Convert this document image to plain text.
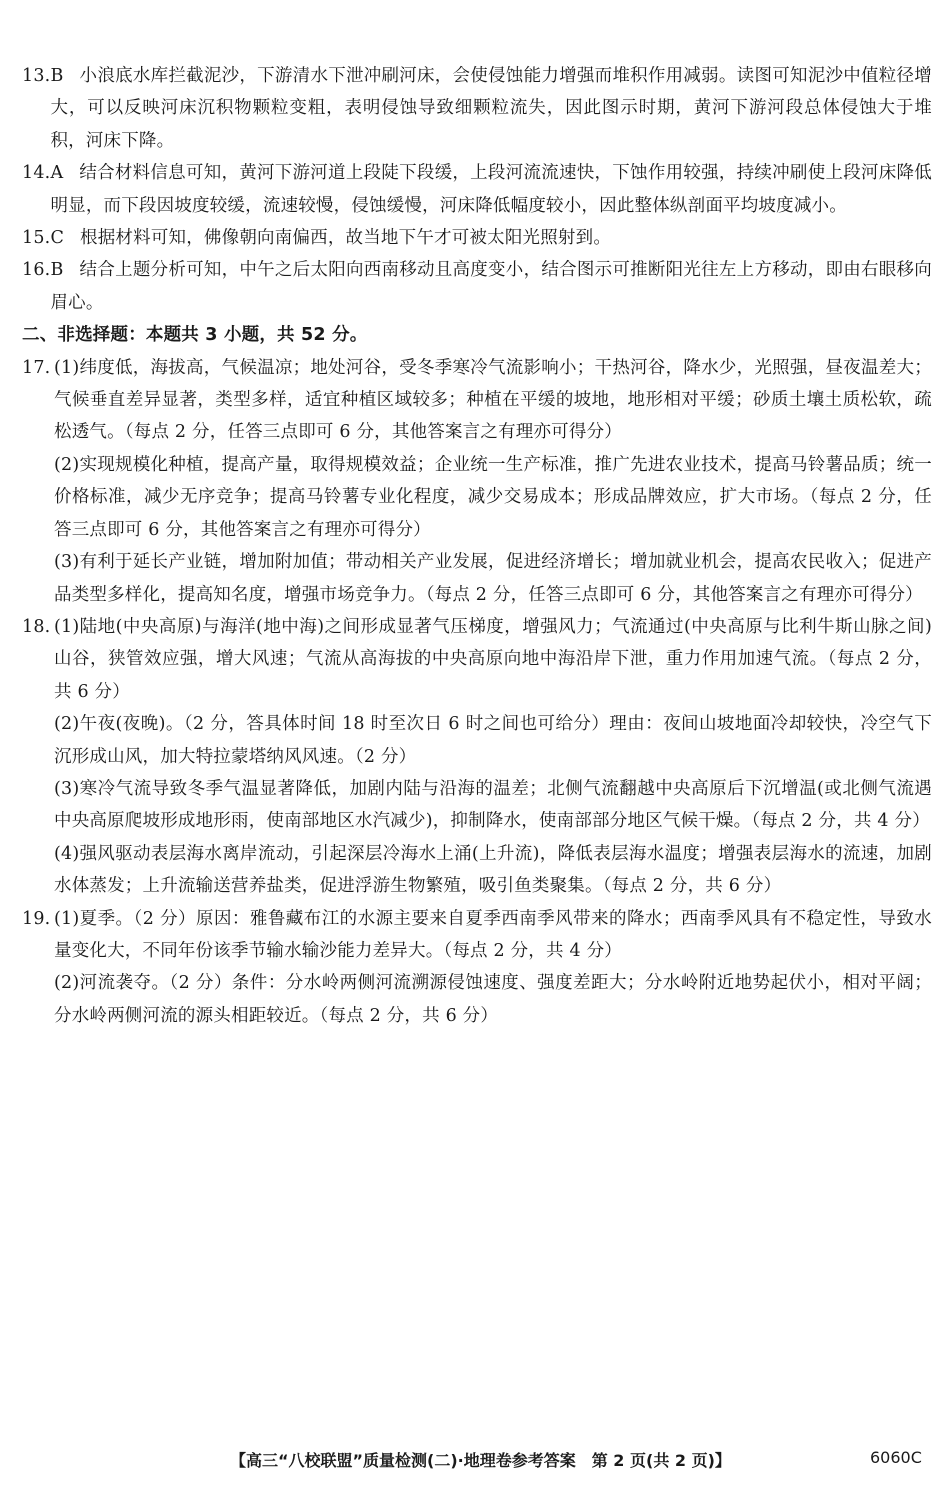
13. B 小浪底水库拦截泥沙，下游清水下泄冲刷河床，会使侵蚀能力增强而堆积作用减弱。读图可知泥沙中值粒径增大，可以反映河床沉积物颗粒变粗，表明侵蚀导致细颗粒流失，因此图示时期，黄河下游河段总体侵蚀大于堆积，河床下降。
14. A 结合材料信息可知，黄河下游河道上段陡下段缓，上段河流流速快，下蚀作用较强，持续冲刷使上段河床降低明显，而下段因坡度较缓，流速较慢，侵蚀缓慢，河床降低幅度较小，因此整体纵剖面平均坡度减小。
15. C 根据材料可知，佛像朝向南偏西，故当地下午才可被太阳光照射到。
16. B 结合上题分析可知，中午之后太阳向西南移动且高度变小，结合图示可推断阳光往左上方移动，即由右眼移向眉心。

二、非选择题：本题共 3 小题，共 52 分。

17. (1)纬度低，海拔高，气候温凉；地处河谷，受冬季寒冷气流影响小；干热河谷，降水少，光照强，昼夜温差大；气候垂直差异显著，类型多样，适宜种植区域较多；种植在平缓的坡地，地形相对平缓；砂质土壤土质松软，疏松透气。（每点 2 分，任答三点即可 6 分，其他答案言之有理亦可得分）

(2)实现规模化种植，提高产量，取得规模效益；企业统一生产标准，推广先进农业技术，提高马铃薯品质；统一价格标准，减少无序竞争；提高马铃薯专业化程度，减少交易成本；形成品牌效应，扩大市场。（每点 2 分，任答三点即可 6 分，其他答案言之有理亦可得分）

(3)有利于延长产业链，增加附加值；带动相关产业发展，促进经济增长；增加就业机会，提高农民收入；促进产品类型多样化，提高知名度，增强市场竞争力。（每点 2 分，任答三点即可 6 分，其他答案言之有理亦可得分）

18. (1)陆地(中央高原)与海洋(地中海)之间形成显著气压梯度，增强风力；气流通过(中央高原与比利牛斯山脉之间)山谷，狭管效应强，增大风速；气流从高海拔的中央高原向地中海沿岸下泄，重力作用加速气流。（每点 2 分，共 6 分）

(2)午夜(夜晚)。（2 分，答具体时间 18 时至次日 6 时之间也可给分）理由：夜间山坡地面冷却较快，冷空气下沉形成山风，加大特拉蒙塔纳风风速。（2 分）

(3)寒冷气流导致冬季气温显著降低，加剧内陆与沿海的温差；北侧气流翻越中央高原后下沉增温(或北侧气流遇中央高原爬坡形成地形雨，使南部地区水汽减少)，抑制降水，使南部部分地区气候干燥。（每点 2 分，共 4 分）

(4)强风驱动表层海水离岸流动，引起深层冷海水上涌(上升流)，降低表层海水温度；增强表层海水的流速，加剧水体蒸发；上升流输送营养盐类，促进浮游生物繁殖，吸引鱼类聚集。（每点 2 分，共 6 分）

19. (1)夏季。（2 分）原因：雅鲁藏布江的水源主要来自夏季西南季风带来的降水；西南季风具有不稳定性，导致水量变化大，不同年份该季节输水输沙能力差异大。（每点 2 分，共 4 分）

(2)河流袭夺。（2 分）条件：分水岭两侧河流溯源侵蚀速度、强度差距大；分水岭附近地势起伏小，相对平阔；分水岭两侧河流的源头相距较近。（每点 2 分，共 6 分）

【高三“八校联盟”质量检测(二)·地理卷参考答案　第 2 页(共 2 页)】	6060C
